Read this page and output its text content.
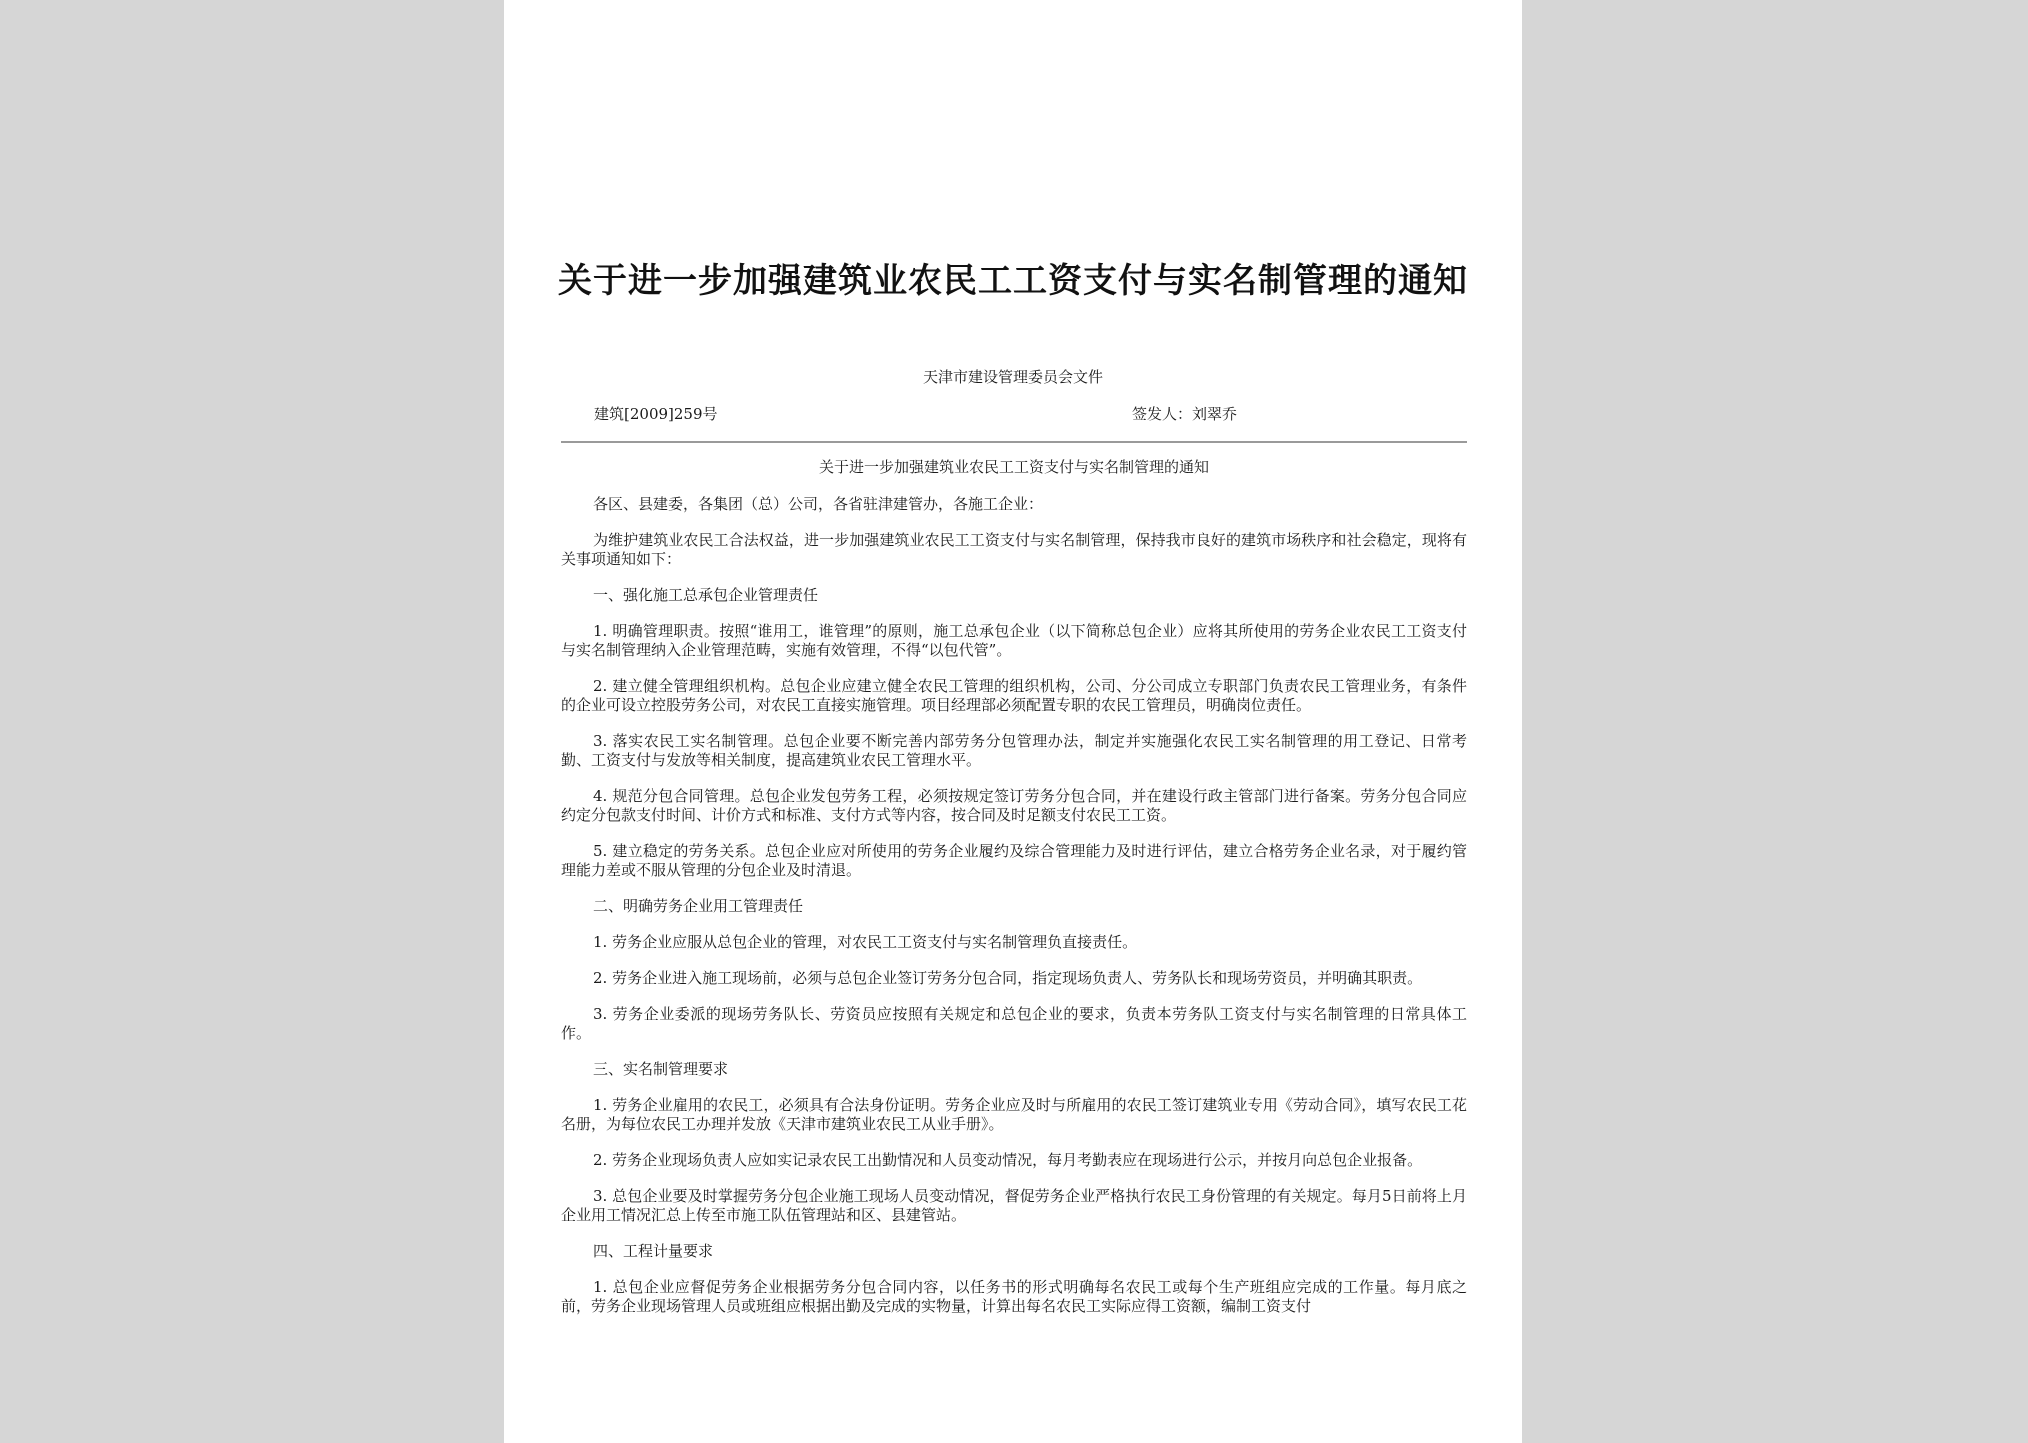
关于进一步加强建筑业农民工工资支付与实名制管理的通知
天津市建设管理委员会文件
建筑[2009]259号	签发人：刘翠乔
关于进一步加强建筑业农民工工资支付与实名制管理的通知
各区、县建委，各集团（总）公司，各省驻津建管办，各施工企业：
为维护建筑业农民工合法权益，进一步加强建筑业农民工工资支付与实名制管理，保持我市良好的建筑市场秩序和社会稳定，现将有关事项通知如下：
一、强化施工总承包企业管理责任
1. 明确管理职责。按照“谁用工，谁管理”的原则，施工总承包企业（以下简称总包企业）应将其所使用的劳务企业农民工工资支付与实名制管理纳入企业管理范畴，实施有效管理，不得“以包代管”。
2. 建立健全管理组织机构。总包企业应建立健全农民工管理的组织机构，公司、分公司成立专职部门负责农民工管理业务，有条件的企业可设立控股劳务公司，对农民工直接实施管理。项目经理部必须配置专职的农民工管理员，明确岗位责任。
3. 落实农民工实名制管理。总包企业要不断完善内部劳务分包管理办法，制定并实施强化农民工实名制管理的用工登记、日常考勤、工资支付与发放等相关制度，提高建筑业农民工管理水平。
4. 规范分包合同管理。总包企业发包劳务工程，必须按规定签订劳务分包合同，并在建设行政主管部门进行备案。劳务分包合同应约定分包款支付时间、计价方式和标准、支付方式等内容，按合同及时足额支付农民工工资。
5. 建立稳定的劳务关系。总包企业应对所使用的劳务企业履约及综合管理能力及时进行评估，建立合格劳务企业名录，对于履约管理能力差或不服从管理的分包企业及时清退。
二、明确劳务企业用工管理责任
1. 劳务企业应服从总包企业的管理，对农民工工资支付与实名制管理负直接责任。
2. 劳务企业进入施工现场前，必须与总包企业签订劳务分包合同，指定现场负责人、劳务队长和现场劳资员，并明确其职责。
3. 劳务企业委派的现场劳务队长、劳资员应按照有关规定和总包企业的要求，负责本劳务队工资支付与实名制管理的日常具体工作。
三、实名制管理要求
1. 劳务企业雇用的农民工，必须具有合法身份证明。劳务企业应及时与所雇用的农民工签订建筑业专用《劳动合同》，填写农民工花名册，为每位农民工办理并发放《天津市建筑业农民工从业手册》。
2. 劳务企业现场负责人应如实记录农民工出勤情况和人员变动情况，每月考勤表应在现场进行公示，并按月向总包企业报备。
3. 总包企业要及时掌握劳务分包企业施工现场人员变动情况，督促劳务企业严格执行农民工身份管理的有关规定。每月5日前将上月企业用工情况汇总上传至市施工队伍管理站和区、县建管站。
四、工程计量要求
1. 总包企业应督促劳务企业根据劳务分包合同内容，以任务书的形式明确每名农民工或每个生产班组应完成的工作量。每月底之前，劳务企业现场管理人员或班组应根据出勤及完成的实物量，计算出每名农民工实际应得工资额，编制工资支付
